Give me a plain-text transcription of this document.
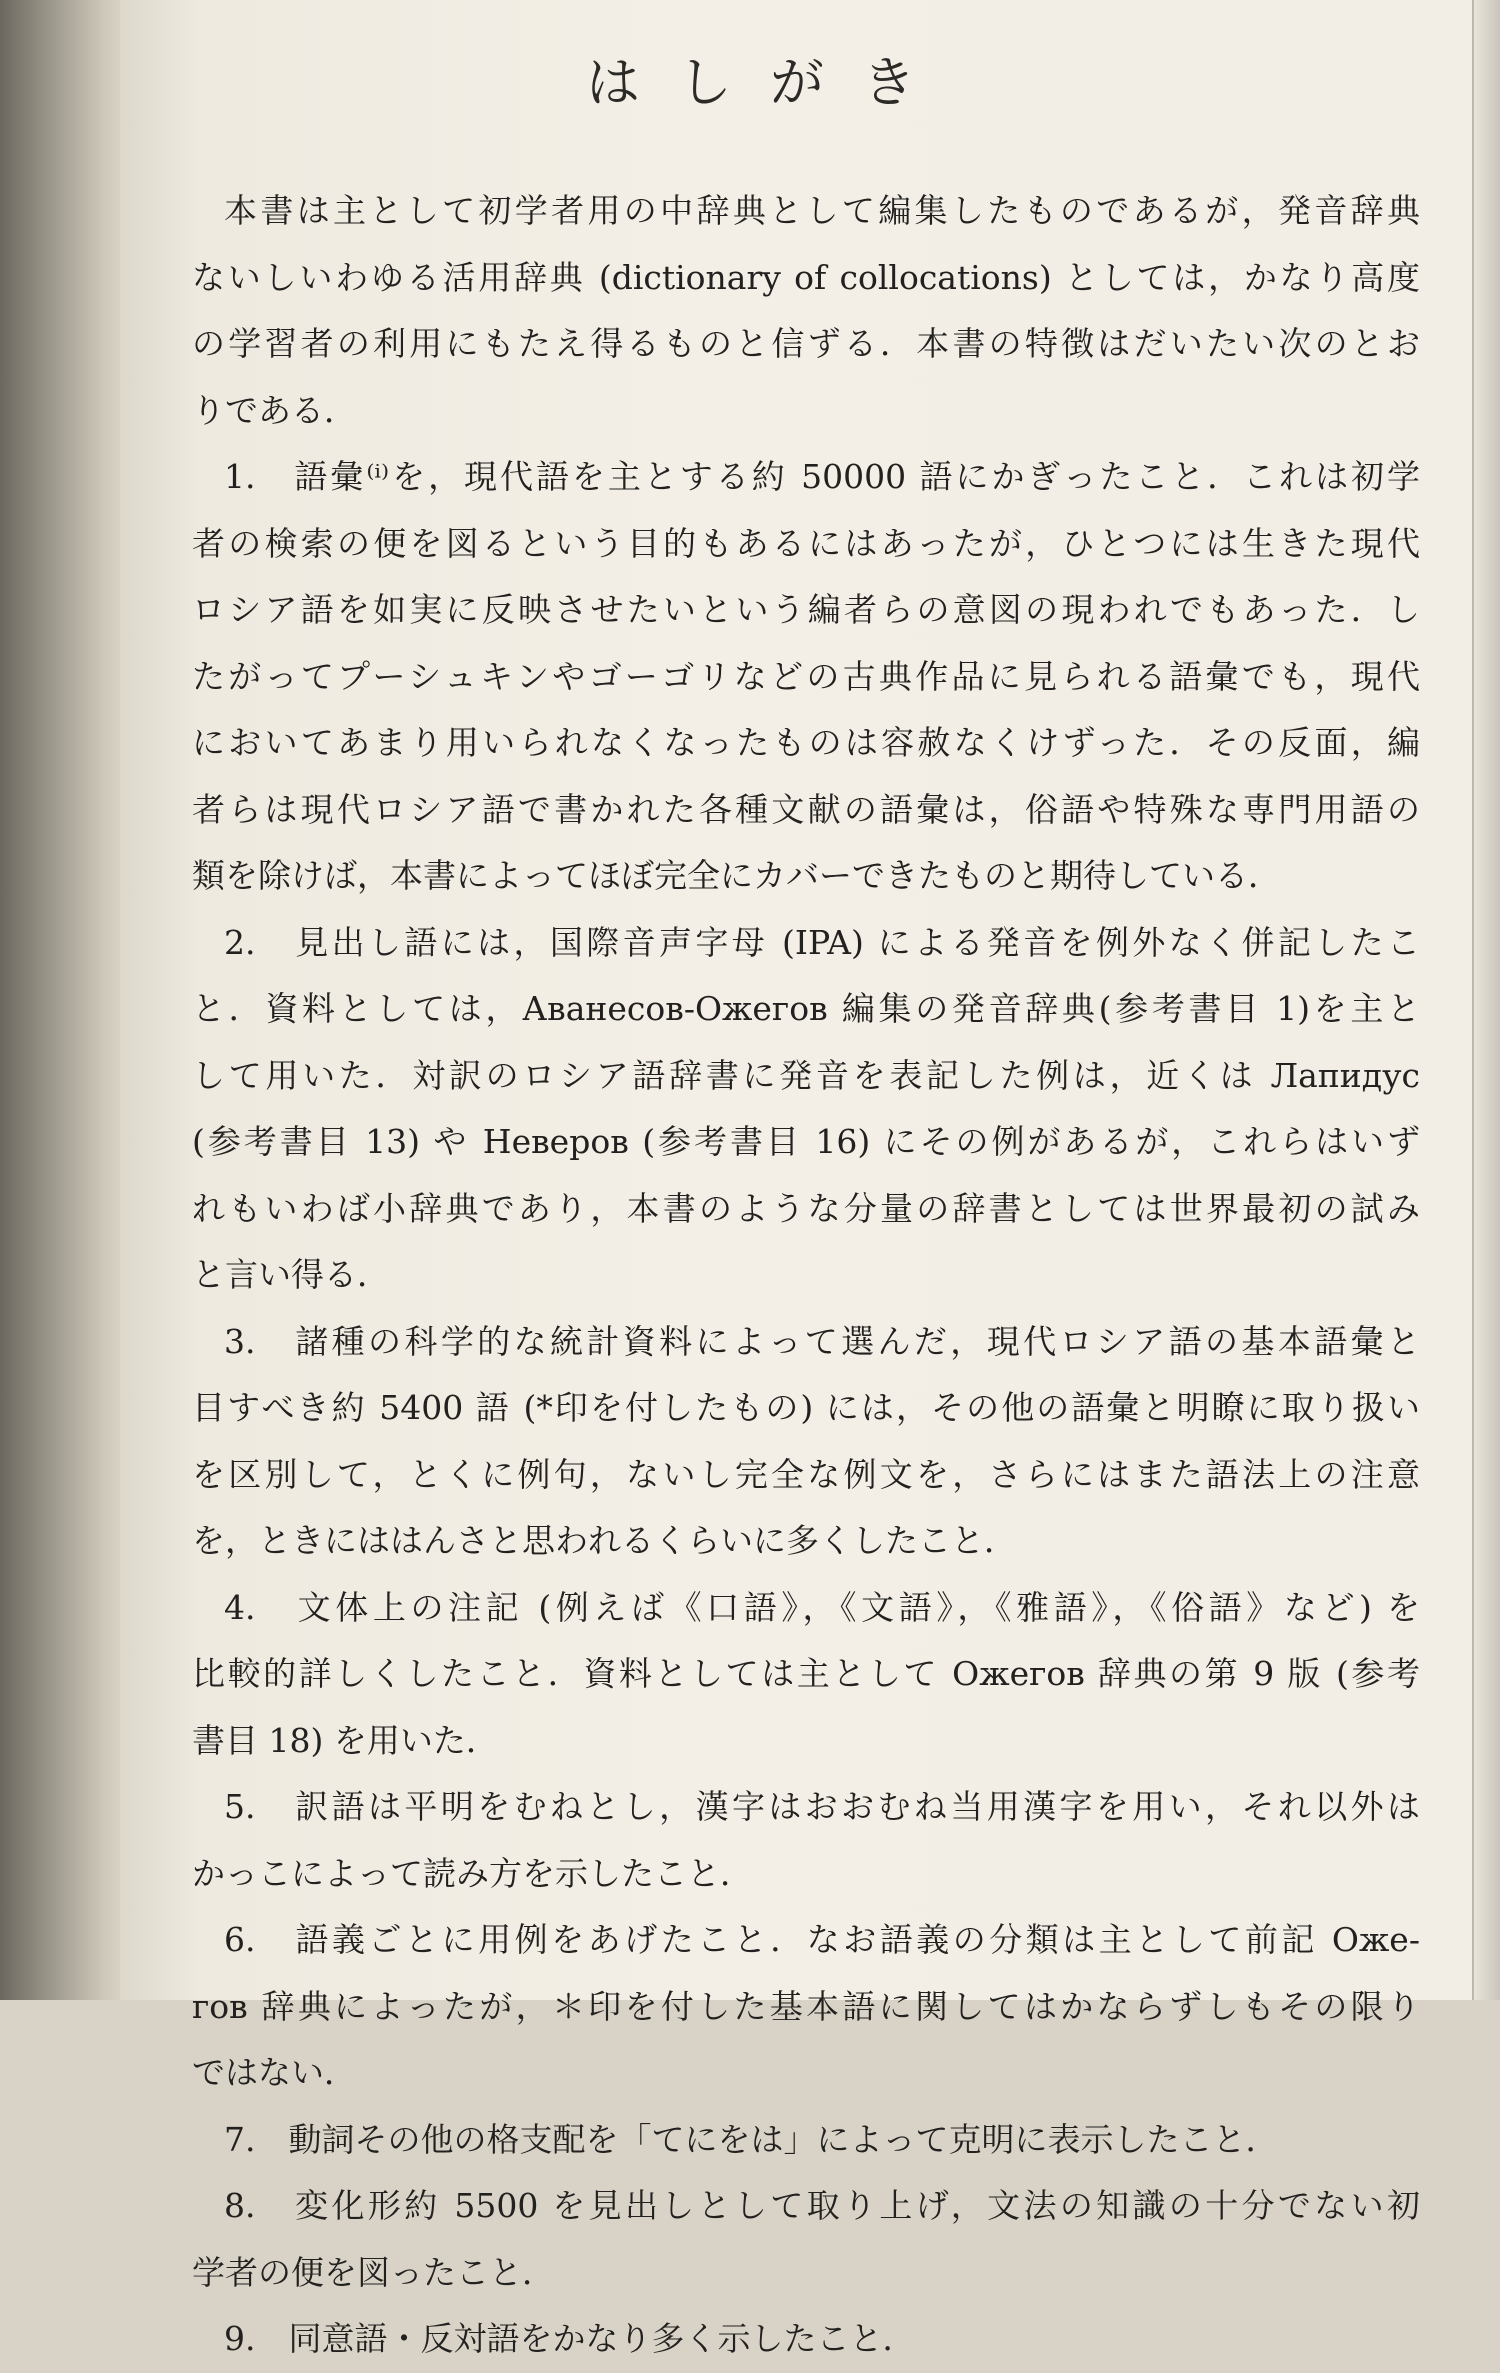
はしがき
本書は主として初学者用の中辞典として編集したものであるが，発音辞典
ないしいわゆる活用辞典 (dictionary of collocations) としては，かなり高度
の学習者の利用にもたえ得るものと信ずる．本書の特徴はだいたい次のとお
りである．
1.　語彙⁽ⁱ⁾を，現代語を主とする約 50000 語にかぎったこと．これは初学
者の検索の便を図るという目的もあるにはあったが，ひとつには生きた現代
ロシア語を如実に反映させたいという編者らの意図の現われでもあった．し
たがってプーシュキンやゴーゴリなどの古典作品に見られる語彙でも，現代
においてあまり用いられなくなったものは容赦なくけずった．その反面，編
者らは現代ロシア語で書かれた各種文献の語彙は，俗語や特殊な専門用語の
類を除けば，本書によってほぼ完全にカバーできたものと期待している．
2.　見出し語には，国際音声字母 (IPA) による発音を例外なく併記したこ
と．資料としては，Аванесов-Ожегов 編集の発音辞典(参考書目 1)を主と
して用いた．対訳のロシア語辞書に発音を表記した例は，近くは Лапидус
(参考書目 13) や Неверов (参考書目 16) にその例があるが，これらはいず
れもいわば小辞典であり，本書のような分量の辞書としては世界最初の試み
と言い得る．
3.　諸種の科学的な統計資料によって選んだ，現代ロシア語の基本語彙と
目すべき約 5400 語 (*印を付したもの) には，その他の語彙と明瞭に取り扱い
を区別して，とくに例句，ないし完全な例文を，さらにはまた語法上の注意
を，ときにははんさと思われるくらいに多くしたこと．
4.　文体上の注記 (例えば《口語》，《文語》，《雅語》，《俗語》など) を
比較的詳しくしたこと．資料としては主として Ожегов 辞典の第 9 版 (参考
書目 18) を用いた．
5.　訳語は平明をむねとし，漢字はおおむね当用漢字を用い，それ以外は
かっこによって読み方を示したこと．
6.　語義ごとに用例をあげたこと．なお語義の分類は主として前記 Оже-
гов 辞典によったが，＊印を付した基本語に関してはかならずしもその限り
ではない．
7.　動詞その他の格支配を「てにをは」によって克明に表示したこと．
8.　変化形約 5500 を見出しとして取り上げ，文法の知識の十分でない初
学者の便を図ったこと．
9.　同意語・反対語をかなり多く示したこと．
